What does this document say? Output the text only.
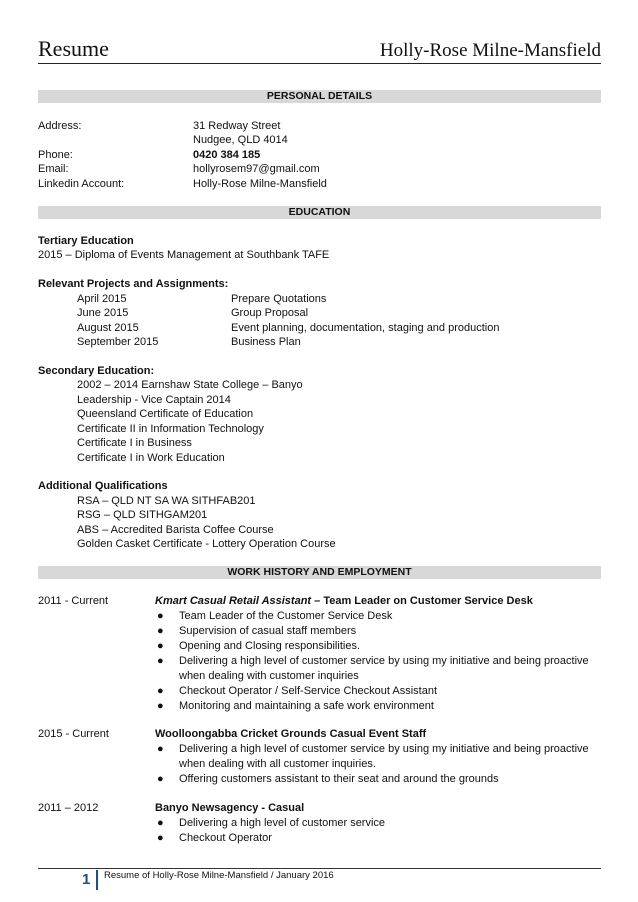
Resume	Holly-Rose Milne-Mansfield
PERSONAL DETAILS
Address:	31 Redway Street
Nudgee, QLD 4014
Phone:	0420 384 185
Email:	hollyrosem97@gmail.com
Linkedin Account:	Holly-Rose Milne-Mansfield
EDUCATION
Tertiary Education
2015 – Diploma of Events Management at Southbank TAFE
Relevant Projects and Assignments:
April 2015	Prepare Quotations
June 2015	Group Proposal
August 2015	Event planning, documentation, staging and production
September 2015	Business Plan
Secondary Education:
2002 – 2014 Earnshaw State College – Banyo
Leadership - Vice Captain 2014
Queensland Certificate of Education
Certificate II in Information Technology
Certificate I in Business
Certificate I in Work Education
Additional Qualifications
RSA – QLD NT SA WA SITHFAB201
RSG – QLD SITHGAM201
ABS – Accredited Barista Coffee Course
Golden Casket Certificate - Lottery Operation Course
WORK HISTORY AND EMPLOYMENT
2011 - Current	Kmart Casual Retail Assistant – Team Leader on Customer Service Desk
● Team Leader of the Customer Service Desk
● Supervision of casual staff members
● Opening and Closing responsibilities.
● Delivering a high level of customer service by using my initiative and being proactive when dealing with customer inquiries
● Checkout Operator / Self-Service Checkout Assistant
● Monitoring and maintaining a safe work environment
2015 - Current	Woolloongabba Cricket Grounds Casual Event Staff
● Delivering a high level of customer service by using my initiative and being proactive when dealing with all customer inquiries.
● Offering customers assistant to their seat and around the grounds
2011 – 2012	Banyo Newsagency - Casual
● Delivering a high level of customer service
● Checkout Operator
1	Resume of Holly-Rose Milne-Mansfield / January 2016
